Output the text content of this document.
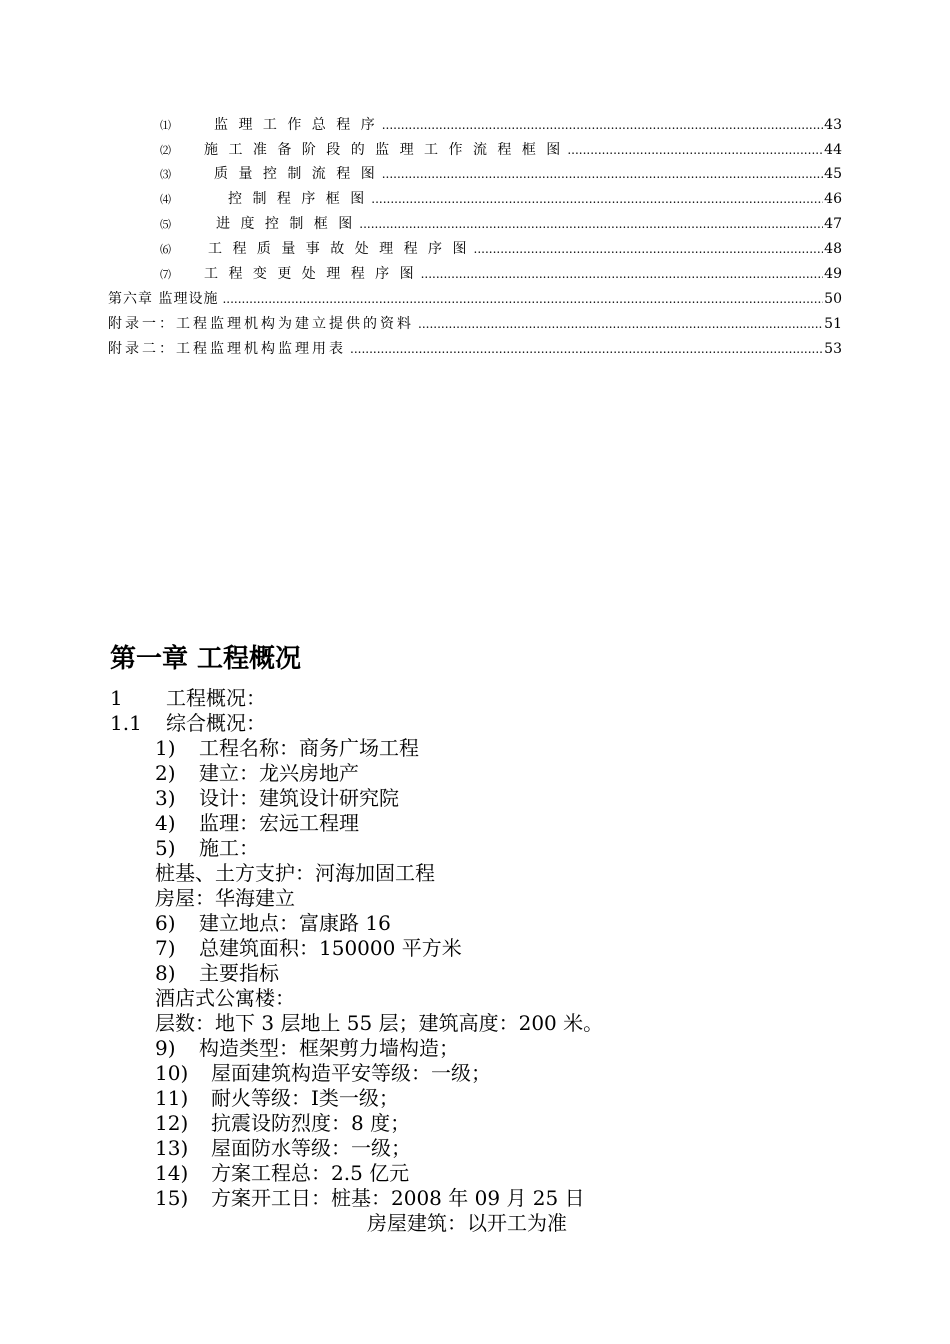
⑴	监 理 工 作 总 程 序 .....	43
⑵	施 工 准 备 阶 段 的 监 理 工 作 流 程 框 图 .....	44
⑶	质 量 控 制 流 程 图 .....	45
⑷	控 制 程 序 框 图 .....	46
⑸	进 度 控 制 框 图 .....	47
⑹	工 程 质 量 事 故 处 理 程 序 图 .....	48
⑺	工 程 变 更 处 理 程 序 图 .....	49
第六章 监理设施 .....	50
附录一：工程监理机构为建立提供的资料 .....	51
附录二：工程监理机构监理用表 .....	53
第一章 工程概况
1 工程概况：
1.1 综合概况：
1) 工程名称：商务广场工程
2) 建立：龙兴房地产
3) 设计：建筑设计研究院
4) 监理：宏远工程理
5) 施工：
桩基、土方支护：河海加固工程
房屋：华海建立
6) 建立地点：富康路 16
7) 总建筑面积：150000 平方米
8) 主要指标
酒店式公寓楼：
层数：地下 3 层地上 55 层；建筑高度：200 米。
9) 构造类型：框架剪力墙构造；
10) 屋面建筑构造平安等级：一级；
11) 耐火等级：Ⅰ类一级；
12) 抗震设防烈度：8 度；
13) 屋面防水等级：一级；
14) 方案工程总：2.5 亿元
15) 方案开工日：桩基：2008 年 09 月 25 日
房屋建筑：以开工为准
